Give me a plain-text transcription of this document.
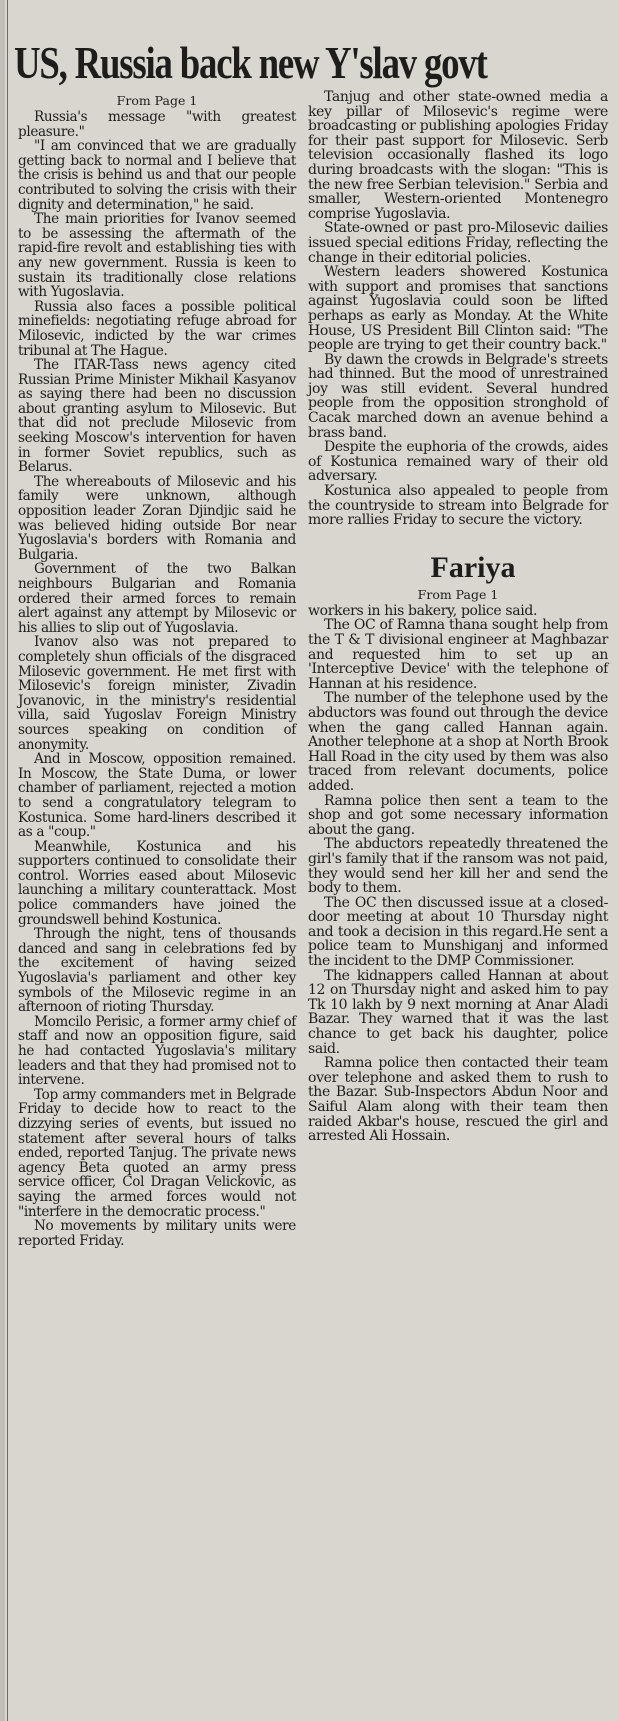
US, Russia back new Y'slav govt
From Page 1

Russia's message "with greatest pleasure."

"I am convinced that we are gradually getting back to normal and I believe that the crisis is behind us and that our people contributed to solving the crisis with their dignity and determination," he said.

The main priorities for Ivanov seemed to be assessing the aftermath of the rapid-fire revolt and establishing ties with any new government. Russia is keen to sustain its traditionally close relations with Yugoslavia.

Russia also faces a possible political minefields: negotiating refuge abroad for Milosevic, indicted by the war crimes tribunal at The Hague.

The ITAR-Tass news agency cited Russian Prime Minister Mikhail Kasyanov as saying there had been no discussion about granting asylum to Milosevic. But that did not preclude Milosevic from seeking Moscow's intervention for haven in former Soviet republics, such as Belarus.

The whereabouts of Milosevic and his family were unknown, although opposition leader Zoran Djindjic said he was believed hiding outside Bor near Yugoslavia's borders with Romania and Bulgaria.

Government of the two Balkan neighbours Bulgarian and Romania ordered their armed forces to remain alert against any attempt by Milosevic or his allies to slip out of Yugoslavia.

Ivanov also was not prepared to completely shun officials of the disgraced Milosevic government. He met first with Milosevic's foreign minister, Zivadin Jovanovic, in the ministry's residential villa, said Yugoslav Foreign Ministry sources speaking on condition of anonymity.

And in Moscow, opposition remained. In Moscow, the State Duma, or lower chamber of parliament, rejected a motion to send a congratulatory telegram to Kostunica. Some hard-liners described it as a "coup."

Meanwhile, Kostunica and his supporters continued to consolidate their control. Worries eased about Milosevic launching a military counterattack. Most police commanders have joined the groundswell behind Kostunica.

Through the night, tens of thousands danced and sang in celebrations fed by the excitement of having seized Yugoslavia's parliament and other key symbols of the Milosevic regime in an afternoon of rioting Thursday.

Momcilo Perisic, a former army chief of staff and now an opposition figure, said he had contacted Yugoslavia's military leaders and that they had promised not to intervene.

Top army commanders met in Belgrade Friday to decide how to react to the dizzying series of events, but issued no statement after several hours of talks ended, reported Tanjug. The private news agency Beta quoted an army press service officer, Col Dragan Velickovic, as saying the armed forces would not "interfere in the democratic process."

No movements by military units were reported Friday.

Tanjug and other state-owned media a key pillar of Milosevic's regime were broadcasting or publishing apologies Friday for their past support for Milosevic. Serb television occasionally flashed its logo during broadcasts with the slogan: "This is the new free Serbian television." Serbia and smaller, Western-oriented Montenegro comprise Yugoslavia.

State-owned or past pro-Milosevic dailies issued special editions Friday, reflecting the change in their editorial policies.

Western leaders showered Kostunica with support and promises that sanctions against Yugoslavia could soon be lifted perhaps as early as Monday. At the White House, US President Bill Clinton said: "The people are trying to get their country back."

By dawn the crowds in Belgrade's streets had thinned. But the mood of unrestrained joy was still evident. Several hundred people from the opposition stronghold of Cacak marched down an avenue behind a brass band.

Despite the euphoria of the crowds, aides of Kostunica remained wary of their old adversary.

Kostunica also appealed to people from the countryside to stream into Belgrade for more rallies Friday to secure the victory.

Fariya
From Page 1

workers in his bakery, police said.

The OC of Ramna thana sought help from the T & T divisional engineer at Maghbazar and requested him to set up an 'Interceptive Device' with the telephone of Hannan at his residence.

The number of the telephone used by the abductors was found out through the device when the gang called Hannan again. Another telephone at a shop at North Brook Hall Road in the city used by them was also traced from relevant documents, police added.

Ramna police then sent a team to the shop and got some necessary information about the gang.

The abductors repeatedly threatened the girl's family that if the ransom was not paid, they would send her kill her and send the body to them.

The OC then discussed issue at a closed-door meeting at about 10 Thursday night and took a decision in this regard.He sent a police team to Munshiganj and informed the incident to the DMP Commissioner.

The kidnappers called Hannan at about 12 on Thursday night and asked him to pay Tk 10 lakh by 9 next morning at Anar Aladi Bazar. They warned that it was the last chance to get back his daughter, police said.

Ramna police then contacted their team over telephone and asked them to rush to the Bazar. Sub-Inspectors Abdun Noor and Saiful Alam along with their team then raided Akbar's house, rescued the girl and arrested Ali Hossain.
